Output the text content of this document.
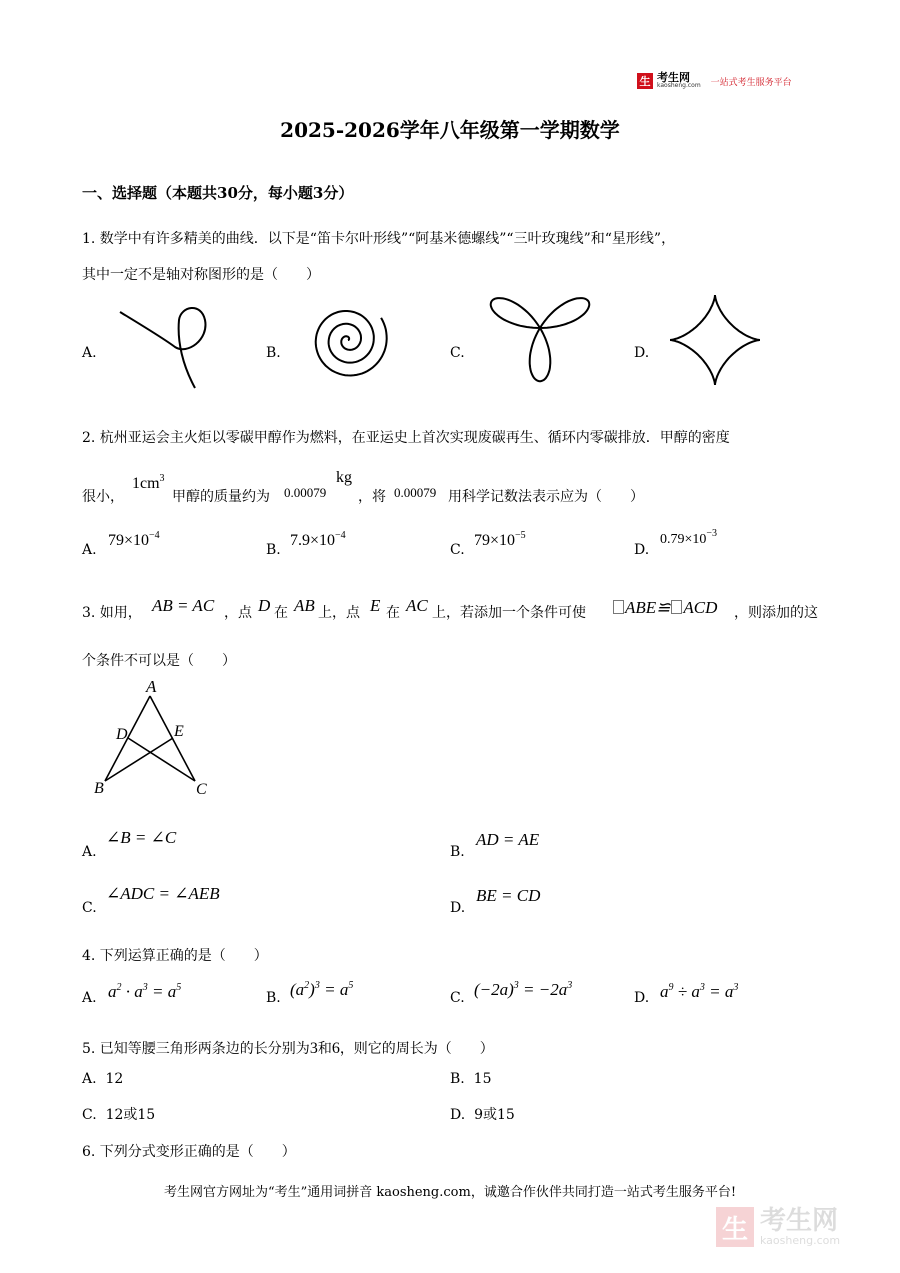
生 考生网
kaosheng.com 一站式考生服务平台
2025-2026学年八年级第一学期数学
一、选择题（本题共30分，每小题3分）
1. 数学中有许多精美的曲线．以下是“笛卡尔叶形线”“阿基米德螺线”“三叶玫瑰线”和“星形线”，
其中一定不是轴对称图形的是（　　）
A.	B.	C.	D.
2. 杭州亚运会主火炬以零碳甲醇作为燃料，在亚运史上首次实现废碳再生、循环内零碳排放．甲醇的密度
很小，
$1cm^3$
甲醇的质量约为 0.00079
kg
，将 0.00079 用科学记数法表示应为（　　）
A.
$79\times 10^{-4}$
B.
$7.9\times 10^{-4}$
C.
$79\times 10^{-5}$
D.
$0.79\times 10^{-3}$
3. 如用， AB = AC ，点 D 在 AB 上，点 E 在 AC 上，若添加一个条件可使	ABE≌ ACD ，则添加的这
个条件不可以是（　　）
A
D	E
B	C
A.
∠B = ∠C
B.
AD = AE
C.
∠ADC = ∠AEB
D.
BE = CD
4. 下列运算正确的是（　　）
A. $a^2 \cdot a^3 = a^5$
B. $(a^2)^3 = a^5$
C. $(-2a)^3 = -2a^3$
D. $a^9 \div a^3 = a^3$
5. 已知等腰三角形两条边的长分别为3和6，则它的周长为（　　）
A. 12	B. 15
C. 12或15	D. 9或15
6. 下列分式变形正确的是（　　）
考生网官方网址为“考生”通用词拼音 kaosheng.com，诚邀合作伙伴共同打造一站式考生服务平台!
生 考生网
kaosheng.com
